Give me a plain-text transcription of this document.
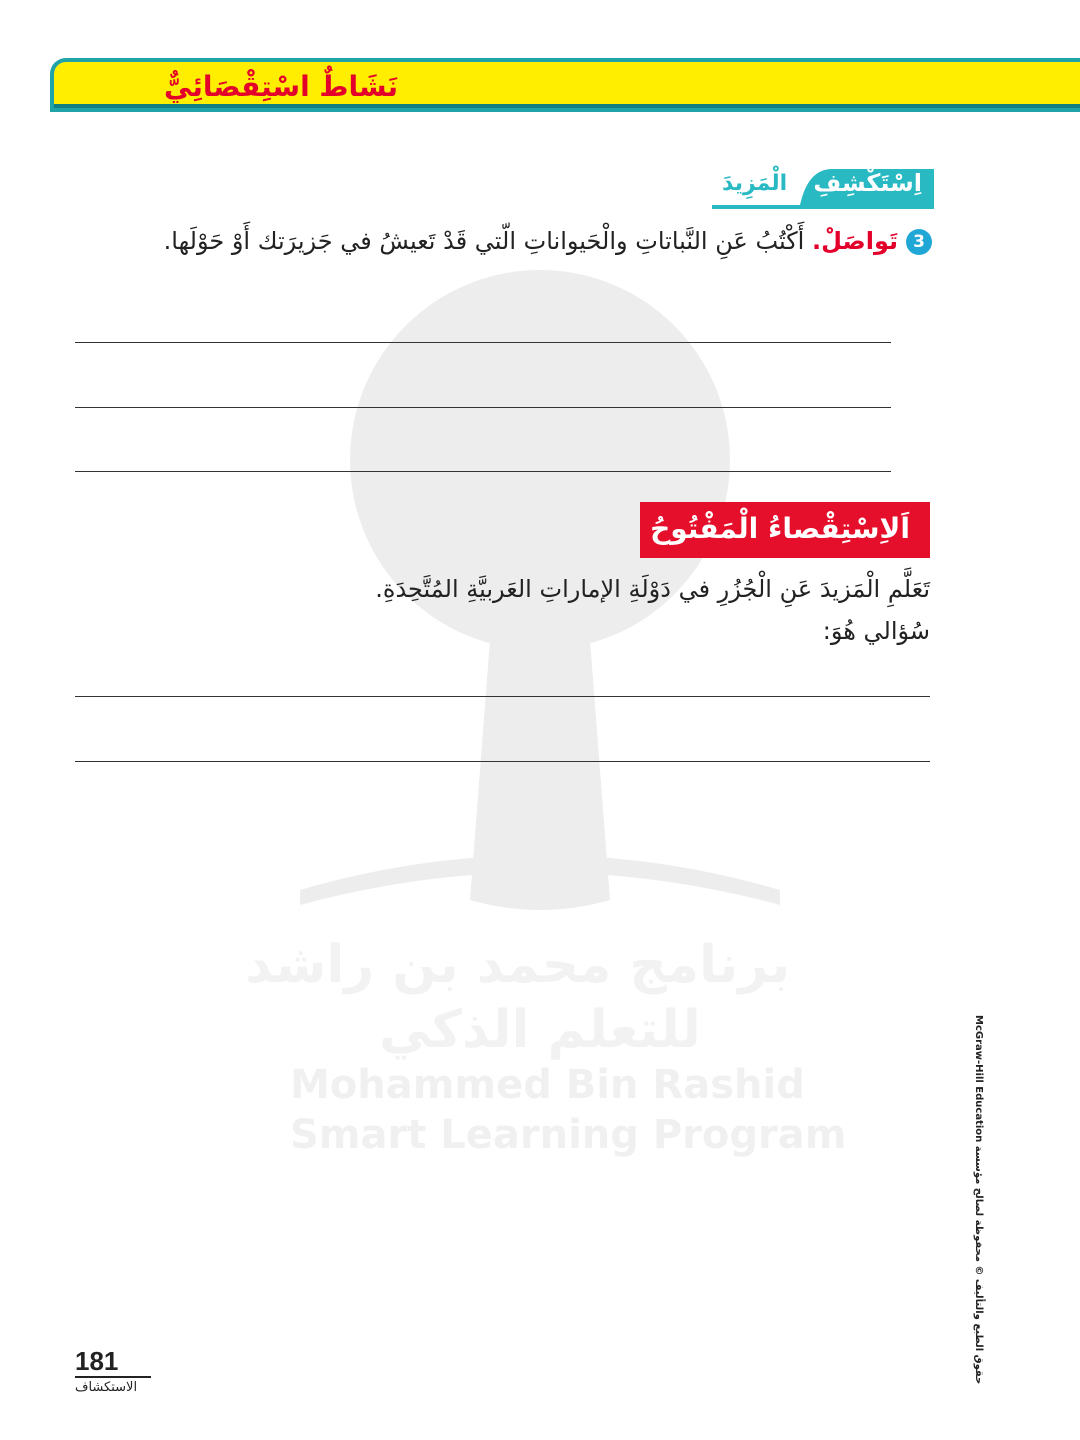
نَشَاطٌ اسْتِقْصَائِيٌّ
برنامج محمد بن راشد
للتعلم الذكي
Mohammed Bin Rashid
Smart Learning Program
اِسْتَكْشِفِ
الْمَزِيدَ
3تَواصَلْ. أَكْتُبُ عَنِ النَّباتاتِ والْحَيواناتِ الّتي قَدْ تَعيشُ في جَزيرَتك أَوْ حَوْلَها.
اَلاِسْتِقْصاءُ الْمَفْتُوحُ
تَعَلَّمِ الْمَزيدَ عَنِ الْجُزُرِ في دَوْلَةِ الإماراتِ العَربيَّةِ المُتَّحِدَةِ.
سُؤالي هُوَ:
McGraw-Hill Education حقوق الطبع والتأليف © محفوظة لصالح مؤسسة
181
الاستكشاف
